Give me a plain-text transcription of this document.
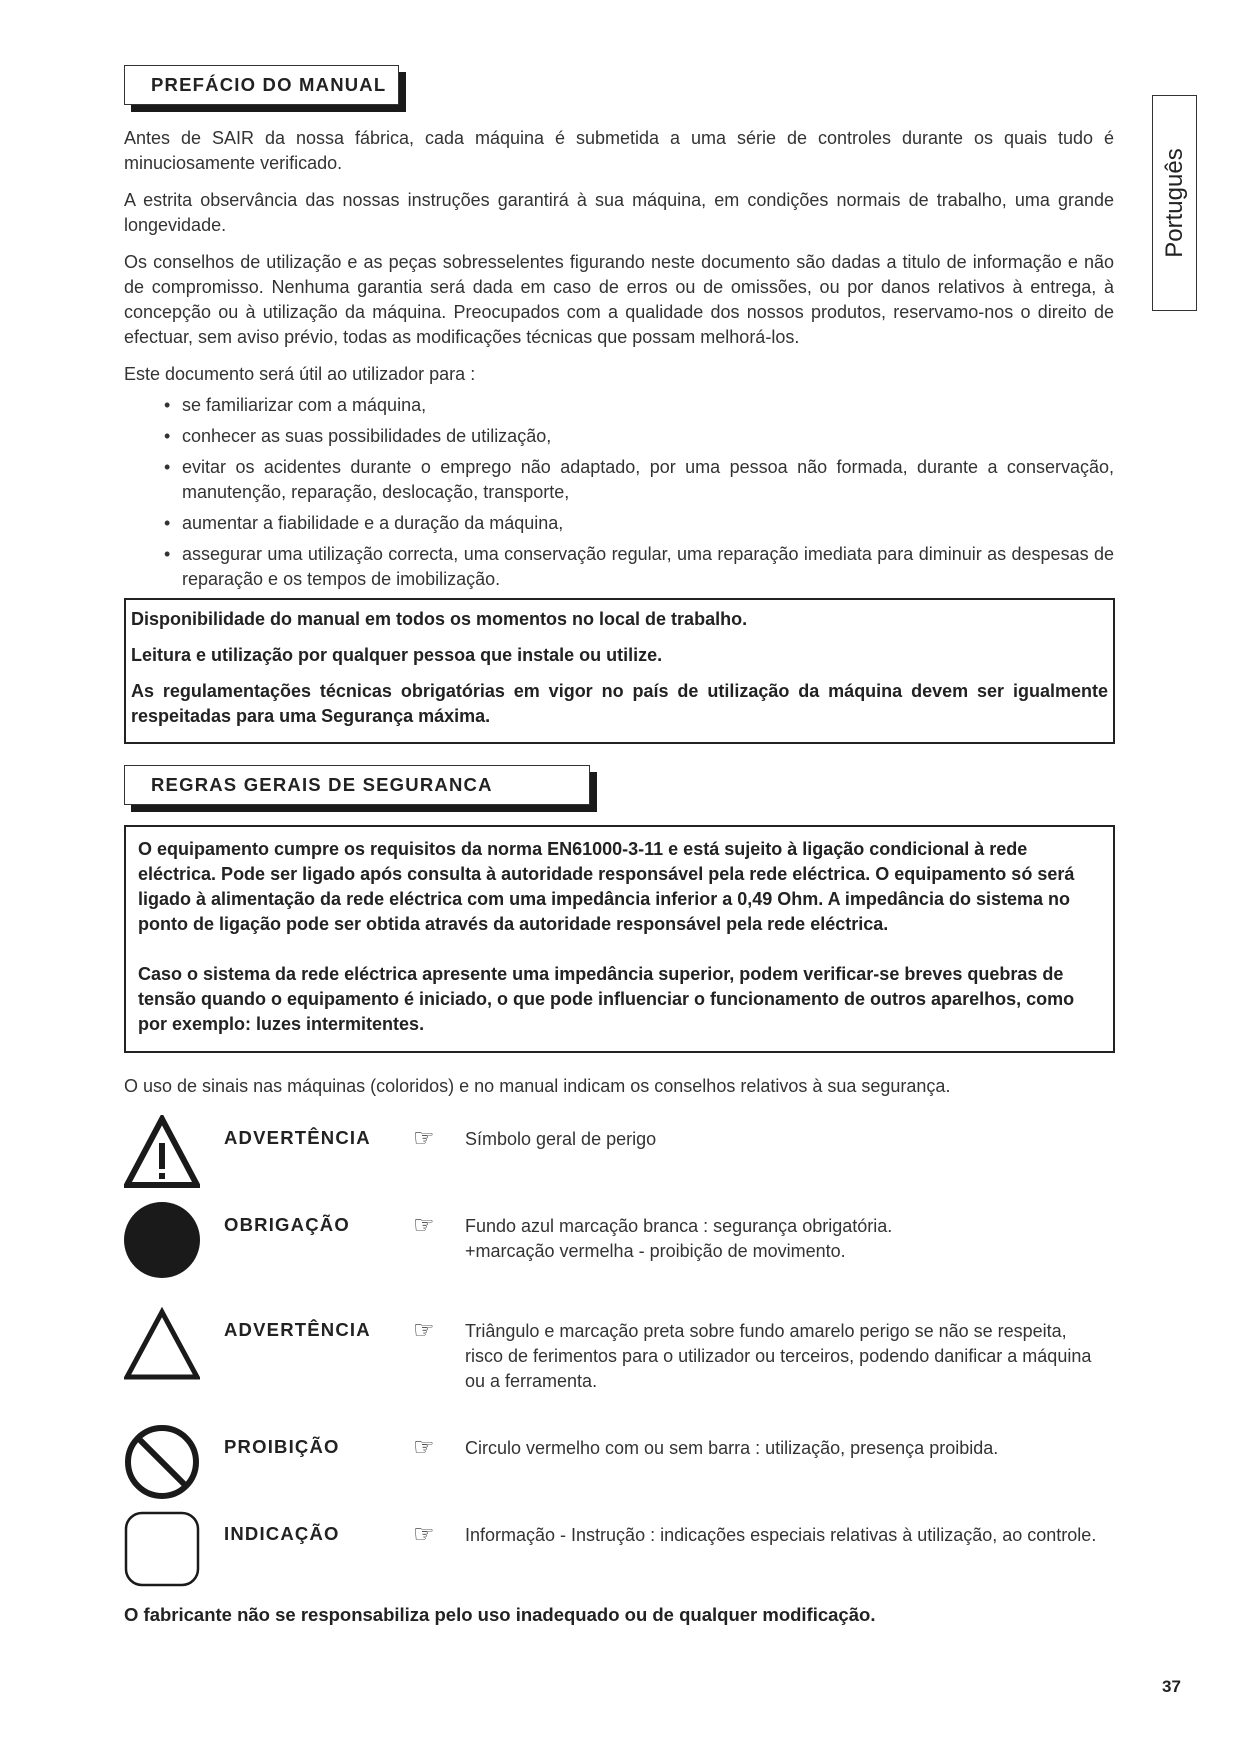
Português
PREFÁCIO DO MANUAL

Antes de SAIR da nossa fábrica, cada máquina é submetida a uma série de controles durante os quais tudo é minuciosamente verificado.

A estrita observância das nossas instruções garantirá à sua máquina, em condições normais de trabalho, uma grande longevidade.

Os conselhos de utilização e as peças sobresselentes figurando neste documento são dadas a titulo de informação e não de compromisso. Nenhuma garantia será dada em caso de erros ou de omissões, ou por danos relativos à entrega, à concepção ou à utilização da máquina. Preocupados com a qualidade dos nossos produtos, reservamo-nos o direito de efectuar, sem aviso prévio, todas as modificações técnicas que possam melhorá-los.

Este documento será útil ao utilizador para :

• se familiarizar com a máquina,
• conhecer as suas possibilidades de utilização,
• evitar os acidentes durante o emprego não adaptado, por uma pessoa não formada, durante a conservação, manutenção, reparação, deslocação, transporte,
• aumentar a fiabilidade e a duração da máquina,
• assegurar uma utilização correcta, uma conservação regular, uma reparação imediata para diminuir as despesas de reparação e os tempos de imobilização.

Disponibilidade do manual em todos os momentos no local de trabalho.

Leitura e utilização por qualquer pessoa que instale ou utilize.

As regulamentações técnicas obrigatórias em vigor no país de utilização da máquina devem ser igualmente respeitadas para uma Segurança máxima.

REGRAS GERAIS DE SEGURANCA

O equipamento cumpre os requisitos da norma EN61000-3-11 e está sujeito à ligação condicional à rede eléctrica. Pode ser ligado após consulta à autoridade responsável pela rede eléctrica. O equipamento só será ligado à alimentação da rede eléctrica com uma impedância inferior a 0,49 Ohm. A impedância do sistema no ponto de ligação pode ser obtida através da autoridade responsável pela rede eléctrica.

Caso o sistema da rede eléctrica apresente uma impedância superior, podem verificar-se breves quebras de tensão quando o equipamento é iniciado, o que pode influenciar o funcionamento de outros aparelhos, como por exemplo: luzes intermitentes.

O uso de sinais nas máquinas (coloridos) e no manual indicam os conselhos relativos à sua segurança.
ADVERTÊNCIA ☞ Símbolo geral de perigo
OBRIGAÇÃO	☞ Fundo azul marcação branca : segurança obrigatória.
+marcação vermelha - proibição de movimento.
ADVERTÊNCIA ☞ Triângulo e marcação preta sobre fundo amarelo perigo se não se respeita, risco de ferimentos para o utilizador ou terceiros, podendo danificar a máquina ou a ferramenta.
PROIBIÇÃO	☞ Circulo vermelho com ou sem barra : utilização, presença proibida.
INDICAÇÃO	☞ Informação - Instrução : indicações especiais relativas à utilização, ao controle.
O fabricante não se responsabiliza pelo uso inadequado ou de qualquer modificação.
37
